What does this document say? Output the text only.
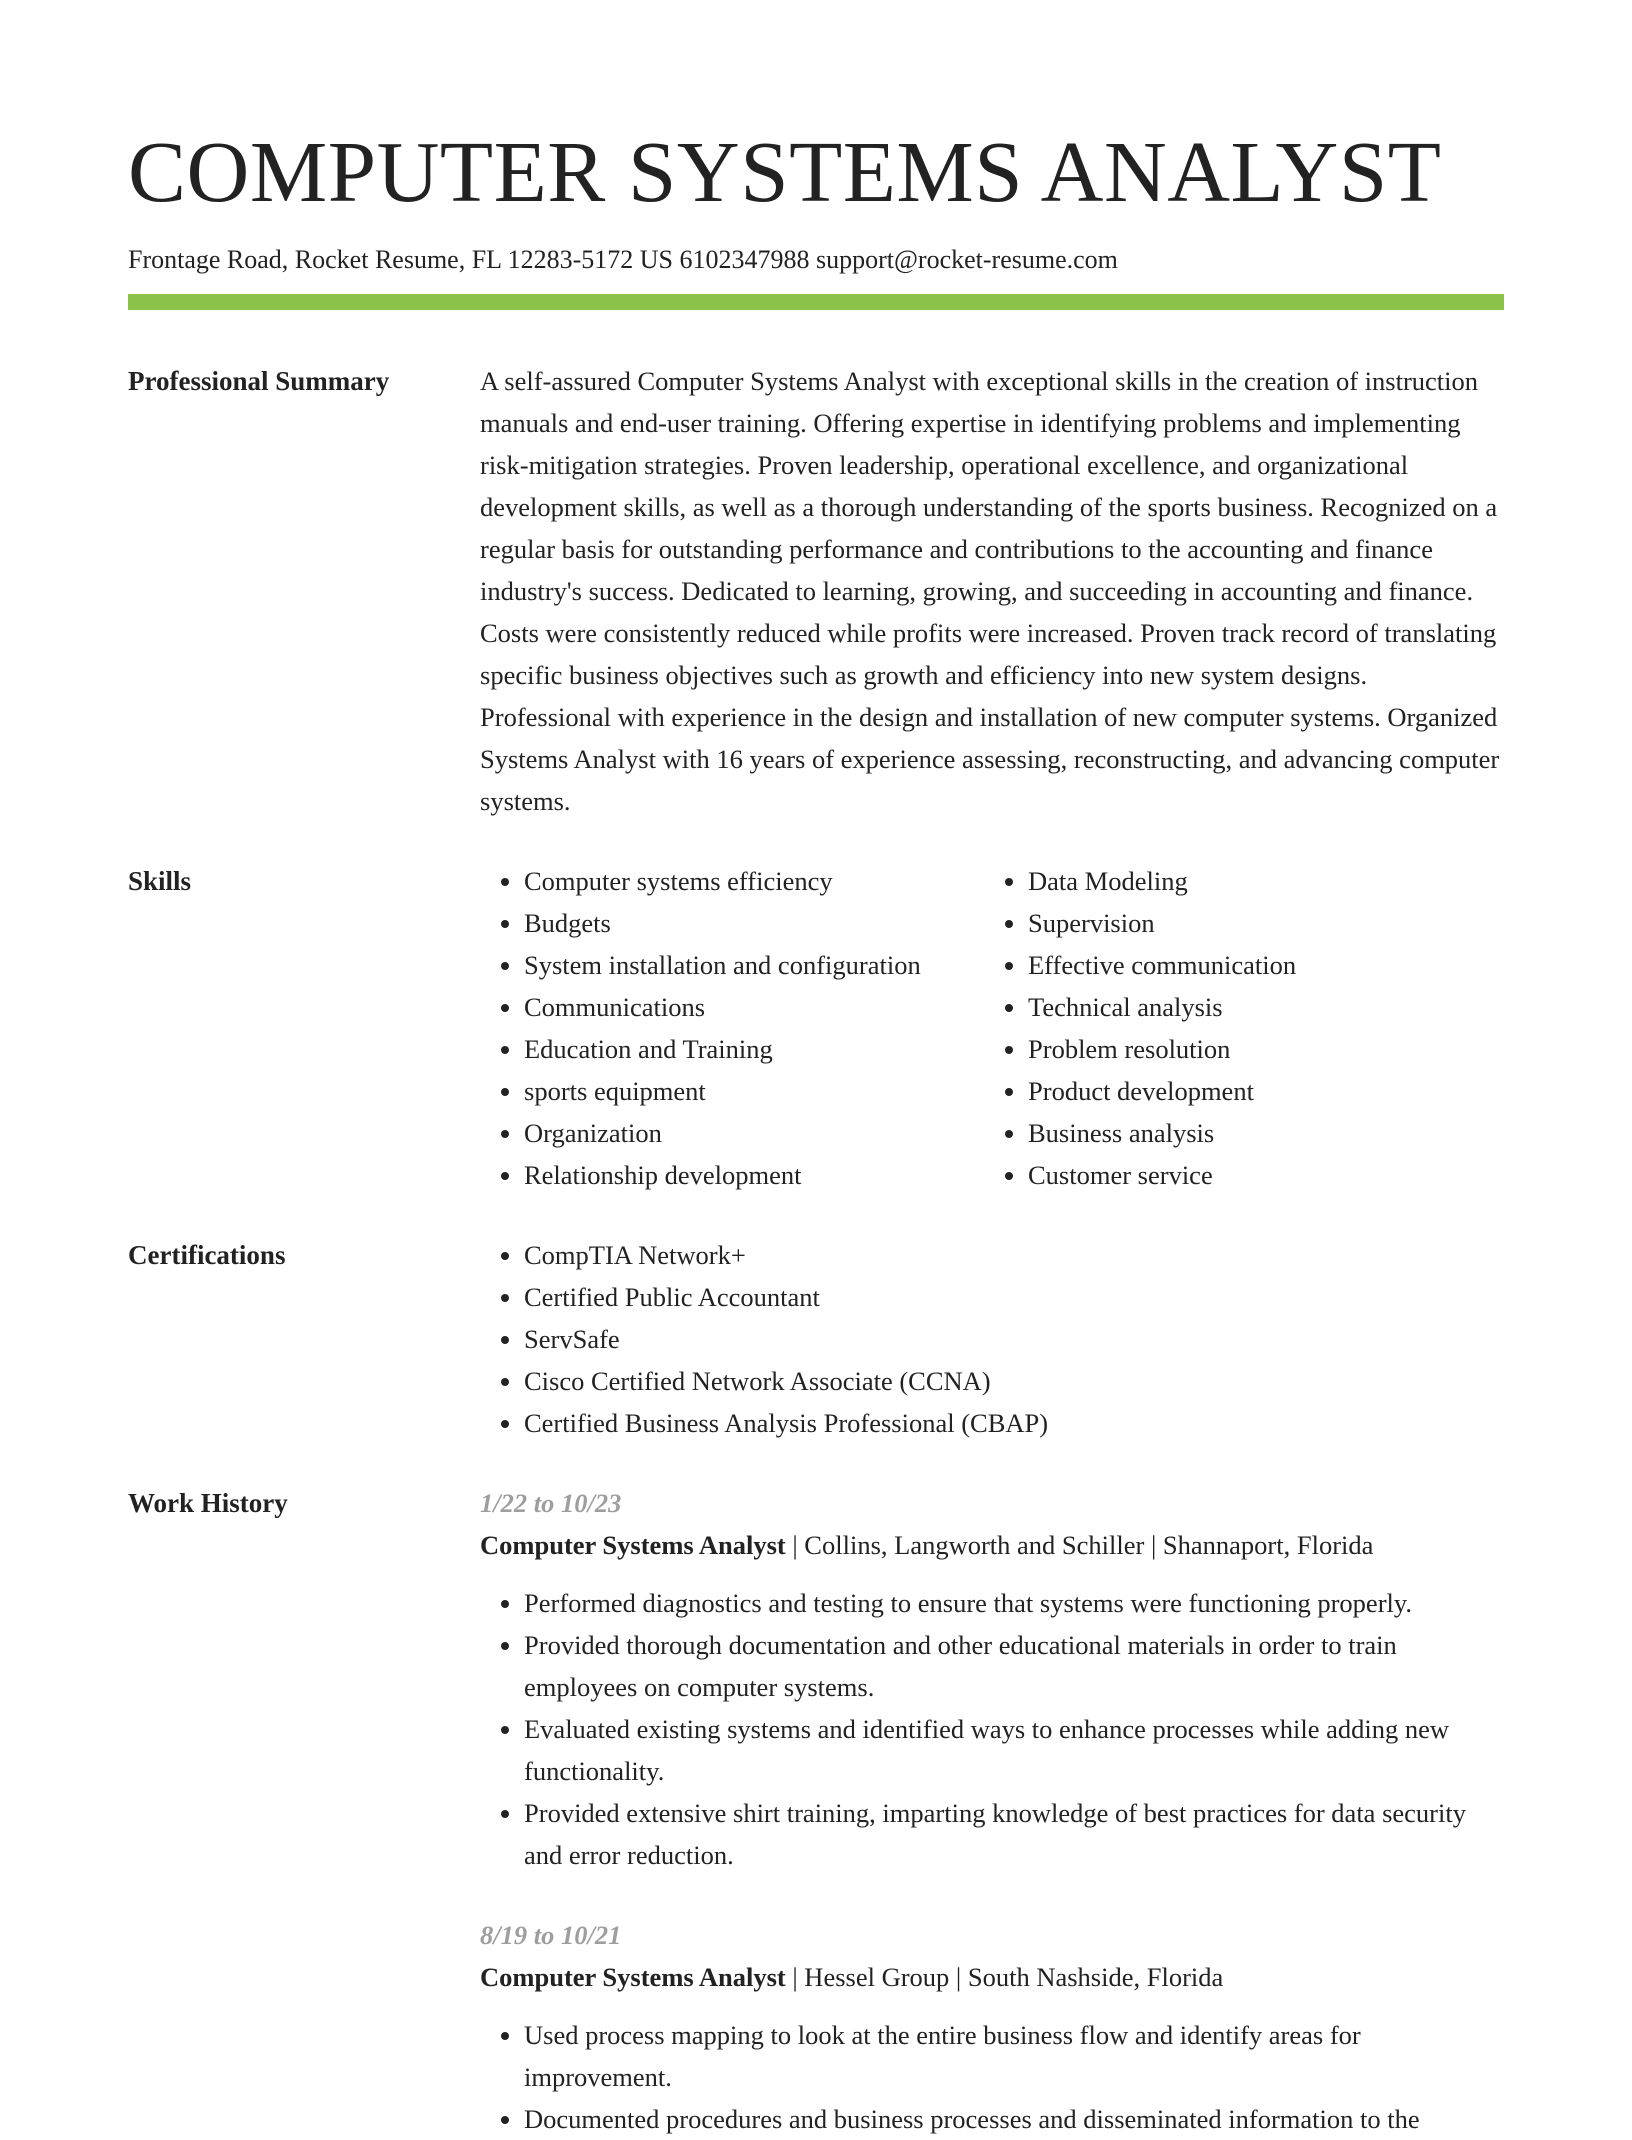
COMPUTER SYSTEMS ANALYST
Frontage Road, Rocket Resume, FL 12283-5172 US 6102347988 support@rocket-resume.com
Professional Summary	A self-assured Computer Systems Analyst with exceptional skills in the creation of instruction manuals and end-user training. Offering expertise in identifying problems and implementing risk-mitigation strategies. Proven leadership, operational excellence, and organizational development skills, as well as a thorough understanding of the sports business. Recognized on a regular basis for outstanding performance and contributions to the accounting and finance industry's success. Dedicated to learning, growing, and succeeding in accounting and finance. Costs were consistently reduced while profits were increased. Proven track record of translating specific business objectives such as growth and efficiency into new system designs. Professional with experience in the design and installation of new computer systems. Organized Systems Analyst with 16 years of experience assessing, reconstructing, and advancing computer systems.

Skills	• Computer systems efficiency
• Budgets
• System installation and configuration
• Communications
• Education and Training
• sports equipment
• Organization
• Relationship development
• Data Modeling
• Supervision
• Effective communication
• Technical analysis
• Problem resolution
• Product development
• Business analysis
• Customer service
Certifications	• CompTIA Network+
• Certified Public Accountant
• ServSafe
• Cisco Certified Network Associate (CCNA)
• Certified Business Analysis Professional (CBAP)
Work History	1/22 to 10/23
Computer Systems Analyst | Collins, Langworth and Schiller | Shannaport, Florida
• Performed diagnostics and testing to ensure that systems were functioning properly.
• Provided thorough documentation and other educational materials in order to train employees on computer systems.
• Evaluated existing systems and identified ways to enhance processes while adding new functionality.
• Provided extensive shirt training, imparting knowledge of best practices for data security and error reduction.
8/19 to 10/21
Computer Systems Analyst | Hessel Group | South Nashside, Florida
• Used process mapping to look at the entire business flow and identify areas for improvement.
• Documented procedures and business processes and disseminated information to the
